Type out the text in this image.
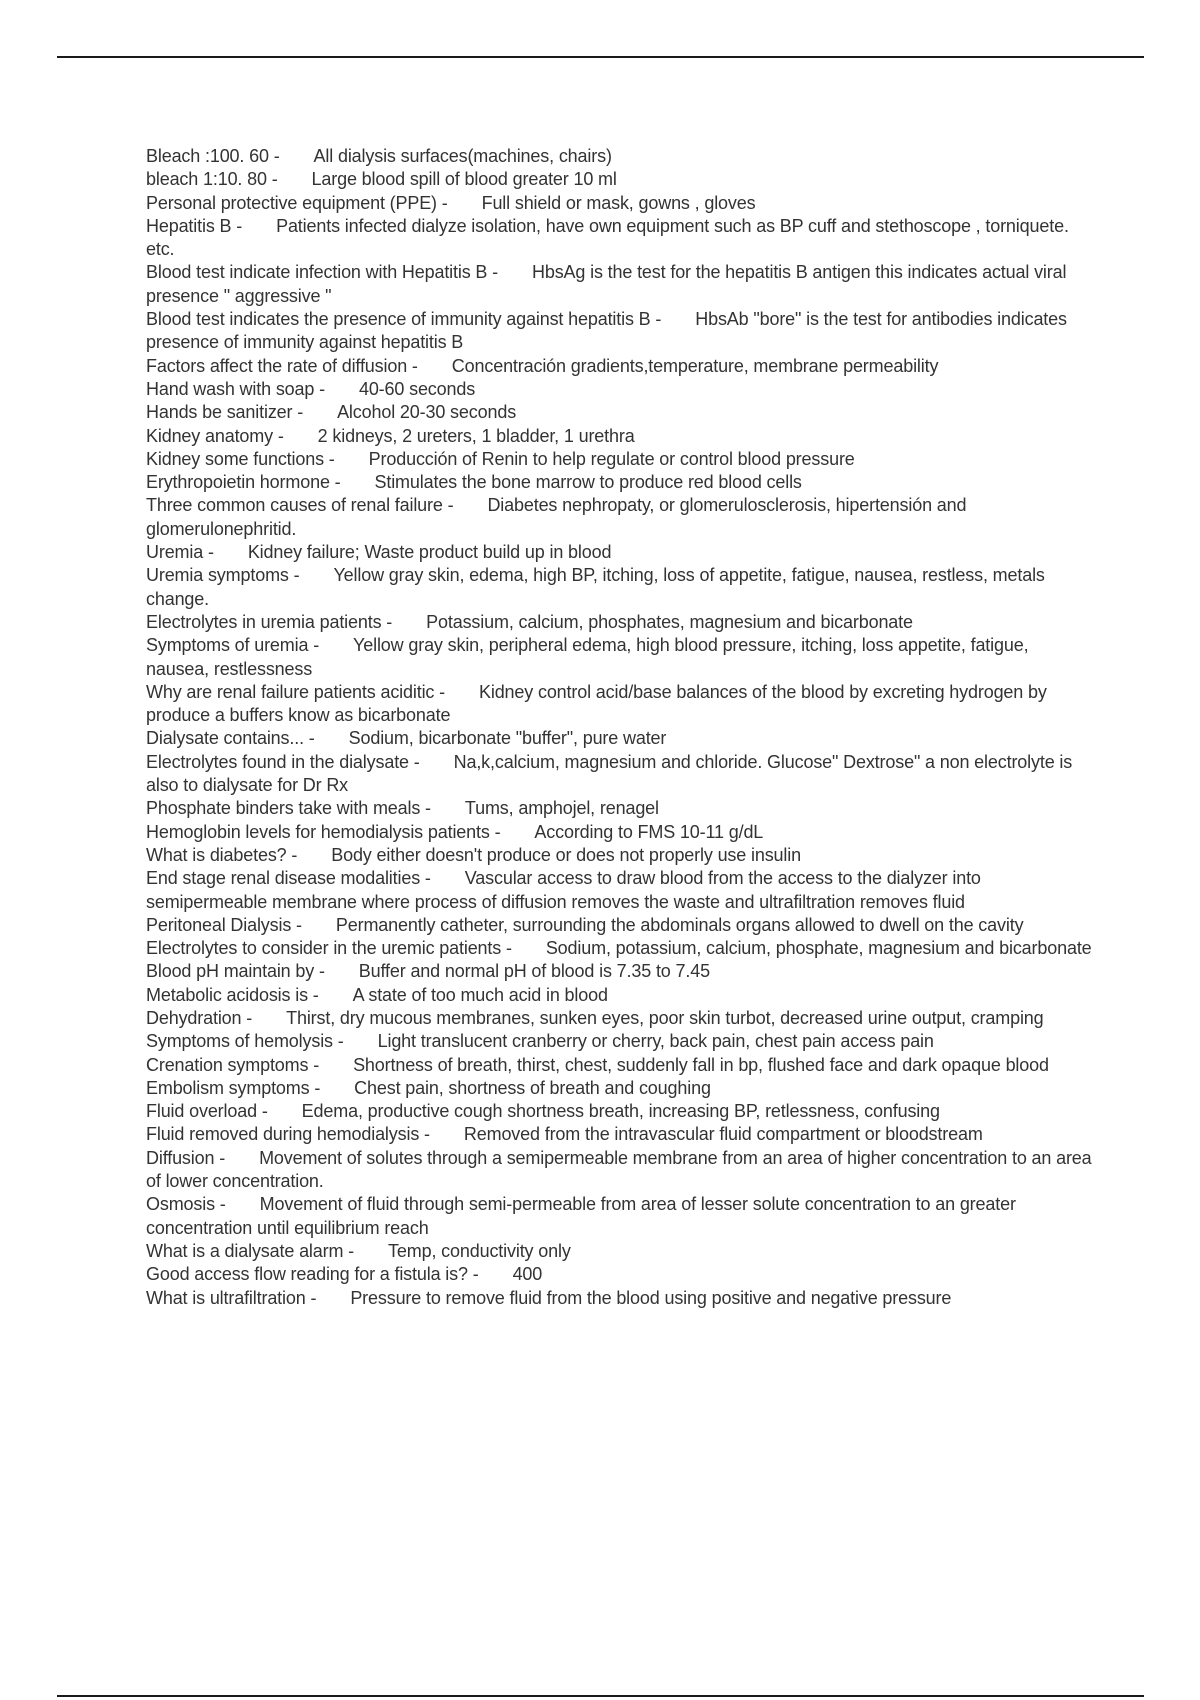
Bleach :100. 60 - All dialysis surfaces(machines, chairs)

bleach 1:10. 80 - Large blood spill of blood greater 10 ml

Personal protective equipment (PPE) - Full shield or mask, gowns , gloves

Hepatitis B - Patients infected dialyze isolation, have own equipment such as BP cuff and stethoscope , torniquete. etc.

Blood test indicate infection with Hepatitis B - HbsAg is the test for the hepatitis B antigen this indicates actual viral presence " aggressive "

Blood test indicates the presence of immunity against hepatitis B - HbsAb "bore" is the test for antibodies indicates presence of immunity against hepatitis B

Factors affect the rate of diffusion - Concentración gradients,temperature, membrane permeability

Hand wash with soap - 40-60 seconds

Hands be sanitizer - Alcohol 20-30 seconds

Kidney anatomy - 2 kidneys, 2 ureters, 1 bladder, 1 urethra

Kidney some functions - Producción of Renin to help regulate or control blood pressure

Erythropoietin hormone - Stimulates the bone marrow to produce red blood cells

Three common causes of renal failure - Diabetes nephropaty, or glomerulosclerosis, hipertensión and glomerulonephritid.

Uremia - Kidney failure; Waste product build up in blood

Uremia symptoms - Yellow gray skin, edema, high BP, itching, loss of appetite, fatigue, nausea, restless, metals change.

Electrolytes in uremia patients - Potassium, calcium, phosphates, magnesium and bicarbonate

Symptoms of uremia - Yellow gray skin, peripheral edema, high blood pressure, itching, loss appetite, fatigue, nausea, restlessness

Why are renal failure patients aciditic - Kidney control acid/base balances of the blood by excreting hydrogen by produce a buffers know as bicarbonate

Dialysate contains... - Sodium, bicarbonate "buffer", pure water

Electrolytes found in the dialysate - Na,k,calcium, magnesium and chloride. Glucose" Dextrose" a non electrolyte is also to dialysate for Dr Rx

Phosphate binders take with meals - Tums, amphojel, renagel

Hemoglobin levels for hemodialysis patients - According to FMS 10-11 g/dL

What is diabetes? - Body either doesn't produce or does not properly use insulin

End stage renal disease modalities - Vascular access to draw blood from the access to the dialyzer into semipermeable membrane where process of diffusion removes the waste and ultrafiltration removes fluid

Peritoneal Dialysis - Permanently catheter, surrounding the abdominals organs allowed to dwell on the cavity

Electrolytes to consider in the uremic patients - Sodium, potassium, calcium, phosphate, magnesium and bicarbonate

Blood pH maintain by - Buffer and normal pH of blood is 7.35 to 7.45

Metabolic acidosis is - A state of too much acid in blood

Dehydration - Thirst, dry mucous membranes, sunken eyes, poor skin turbot, decreased urine output, cramping

Symptoms of hemolysis - Light translucent cranberry or cherry, back pain, chest pain access pain

Crenation symptoms - Shortness of breath, thirst, chest, suddenly fall in bp, flushed face and dark opaque blood

Embolism symptoms - Chest pain, shortness of breath and coughing

Fluid overload - Edema, productive cough shortness breath, increasing BP, retlessness, confusing

Fluid removed during hemodialysis - Removed from the intravascular fluid compartment or bloodstream

Diffusion - Movement of solutes through a semipermeable membrane from an area of higher concentration to an area of lower concentration.

Osmosis - Movement of fluid through semi-permeable from area of lesser solute concentration to an greater concentration until equilibrium reach

What is a dialysate alarm - Temp, conductivity only

Good access flow reading for a fistula is? - 400

What is ultrafiltration - Pressure to remove fluid from the blood using positive and negative pressure
